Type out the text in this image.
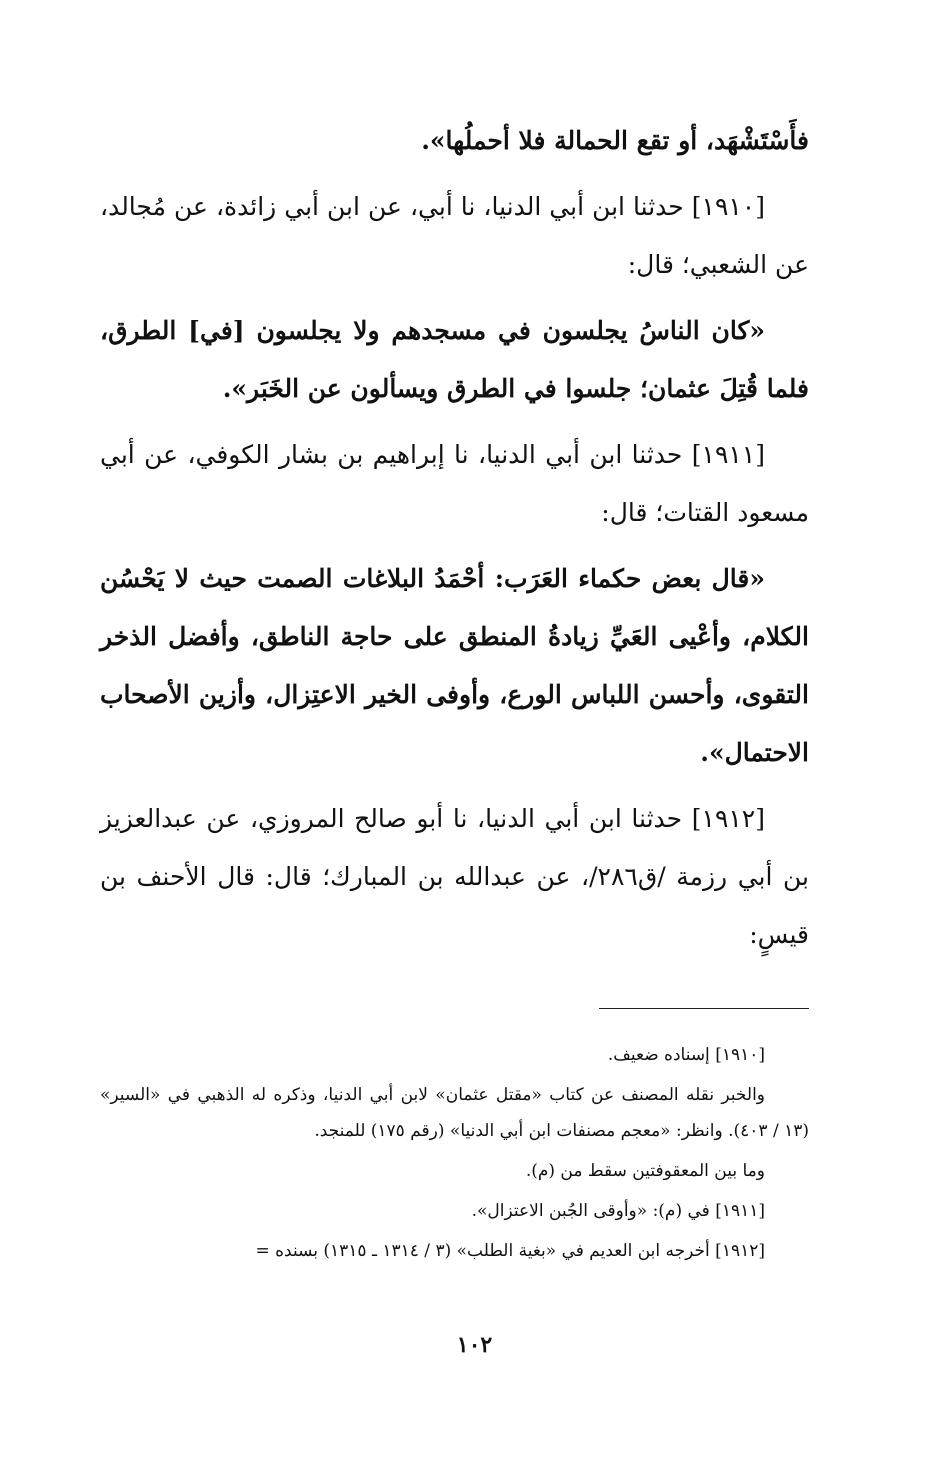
فأَسْتَشْهَد، أو تقع الحمالة فلا أحملُها».

[١٩١٠] حدثنا ابن أبي الدنيا، نا أبي، عن ابن أبي زائدة، عن مُجالد، عن الشعبي؛ قال:

«كان الناسُ يجلسون في مسجدهم ولا يجلسون [في] الطرق، فلما قُتِلَ عثمان؛ جلسوا في الطرق ويسألون عن الخَبَر».

[١٩١١] حدثنا ابن أبي الدنيا، نا إبراهيم بن بشار الكوفي، عن أبي مسعود القتات؛ قال:

«قال بعض حكماء العَرَب: أحْمَدُ البلاغات الصمت حيث لا يَحْسُن الكلام، وأعْيى العَيِّ زيادةُ المنطق على حاجة الناطق، وأفضل الذخر التقوى، وأحسن اللباس الورع، وأوفى الخير الاعتِزال، وأزين الأصحاب الاحتمال».

[١٩١٢] حدثنا ابن أبي الدنيا، نا أبو صالح المروزي، عن عبدالعزيز بن أبي رزمة /ق٢٨٦/، عن عبدالله بن المبارك؛ قال: قال الأحنف بن قيسٍ:

[١٩١٠] إسناده ضعيف.

والخبر نقله المصنف عن كتاب «مقتل عثمان» لابن أبي الدنيا، وذكره له الذهبي في «السير» (١٣ / ٤٠٣). وانظر: «معجم مصنفات ابن أبي الدنيا» (رقم ١٧٥) للمنجد.

وما بين المعقوفتين سقط من (م).

[١٩١١] في (م): «وأوقى الجُبن الاعتزال».

[١٩١٢] أخرجه ابن العديم في «بغية الطلب» (٣ / ١٣١٤ ـ ١٣١٥) بسنده =

١٠٢
